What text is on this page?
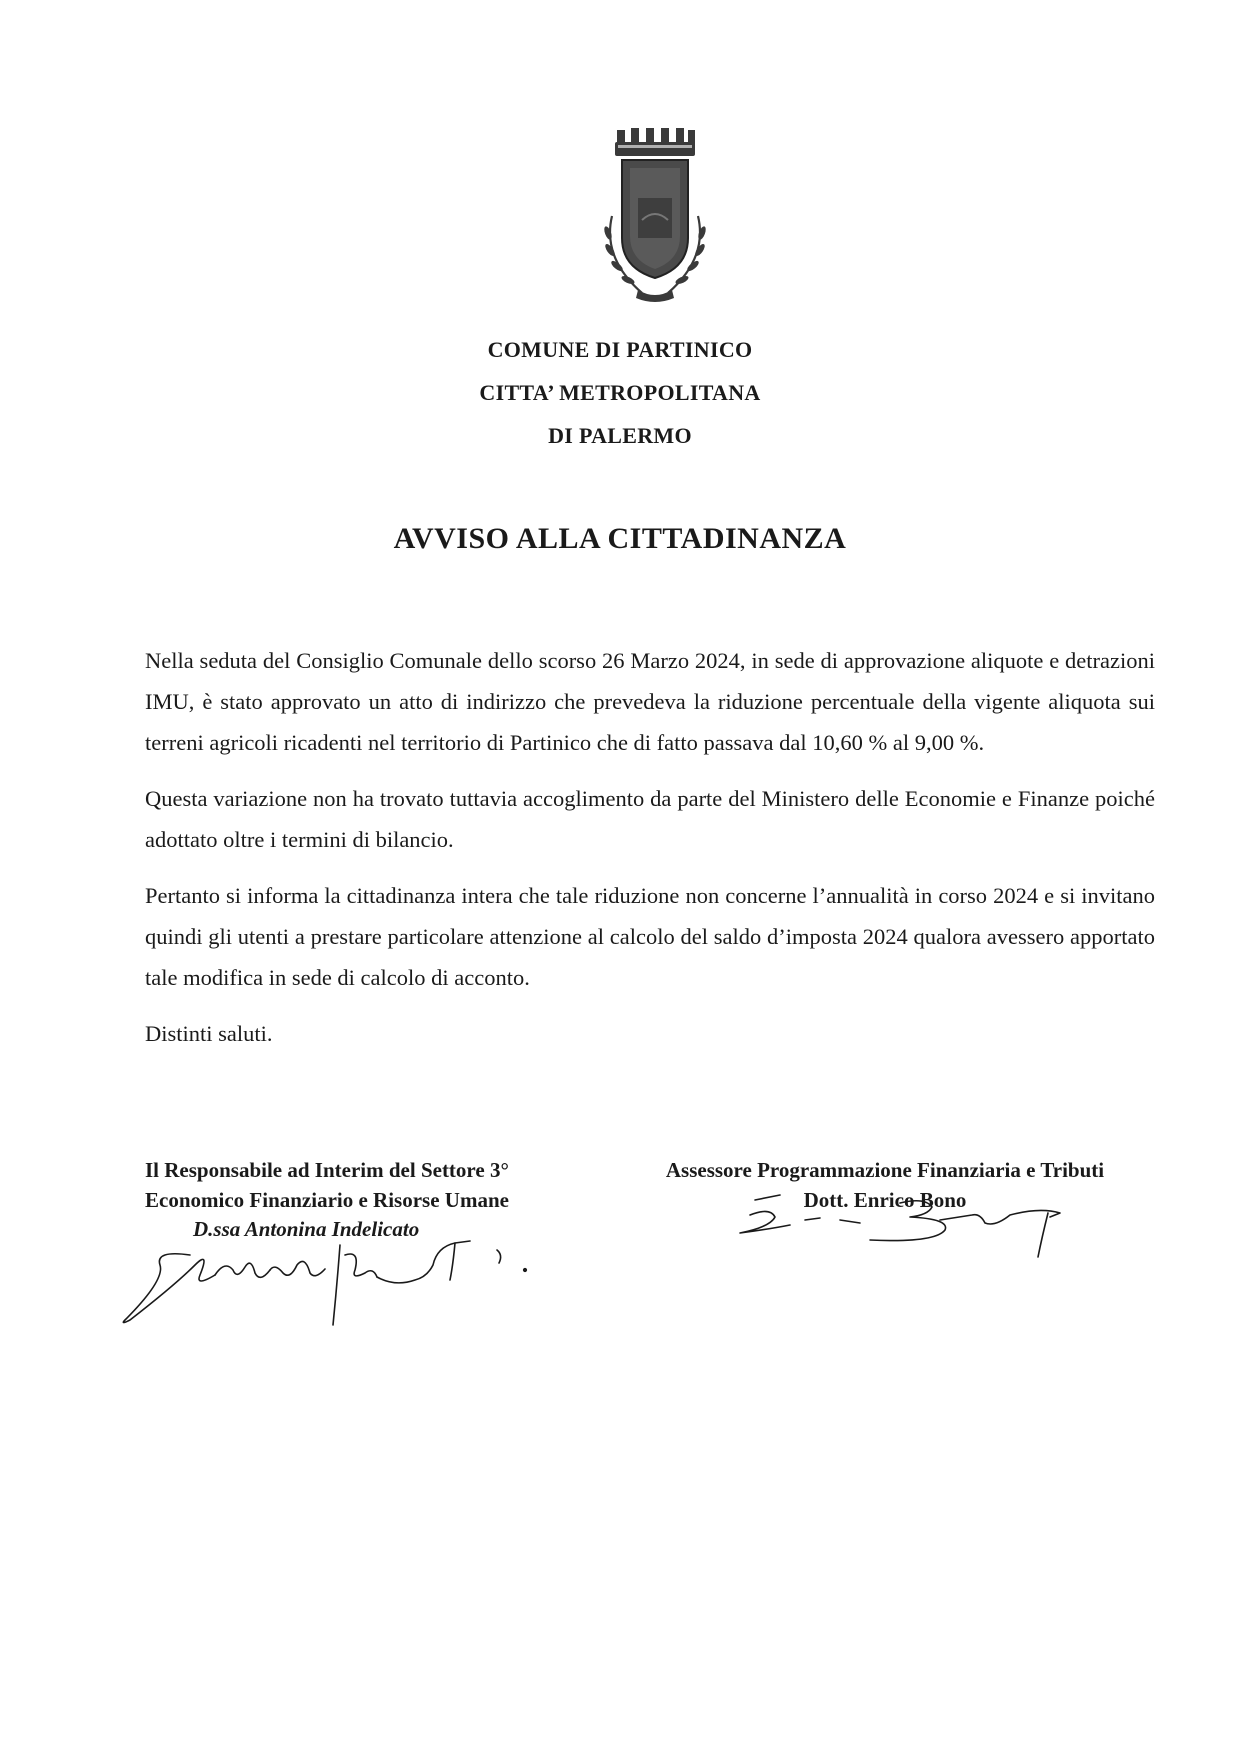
COMUNE DI PARTINICO
CITTA’ METROPOLITANA
DI PALERMO
AVVISO ALLA CITTADINANZA

Nella seduta del Consiglio Comunale dello scorso 26 Marzo 2024, in sede di approvazione aliquote e detrazioni IMU, è stato approvato un atto di indirizzo che prevedeva la riduzione percentuale della vigente aliquota sui terreni agricoli ricadenti nel territorio di Partinico che di fatto passava dal 10,60 % al 9,00 %.

Questa variazione non ha trovato tuttavia accoglimento da parte del Ministero delle Economie e Finanze poiché adottato oltre i termini di bilancio.

Pertanto si informa la cittadinanza intera che tale riduzione non concerne l’annualità in corso 2024 e si invitano quindi gli utenti a prestare particolare attenzione al calcolo del saldo d’imposta 2024 qualora avessero apportato tale modifica in sede di calcolo di acconto.

Distinti saluti.

Il Responsabile ad Interim del Settore 3°
Economico Finanziario e Risorse Umane
D.ssa Antonina Indelicato
Assessore Programmazione Finanziaria e Tributi
Dott. Enrico Bono
